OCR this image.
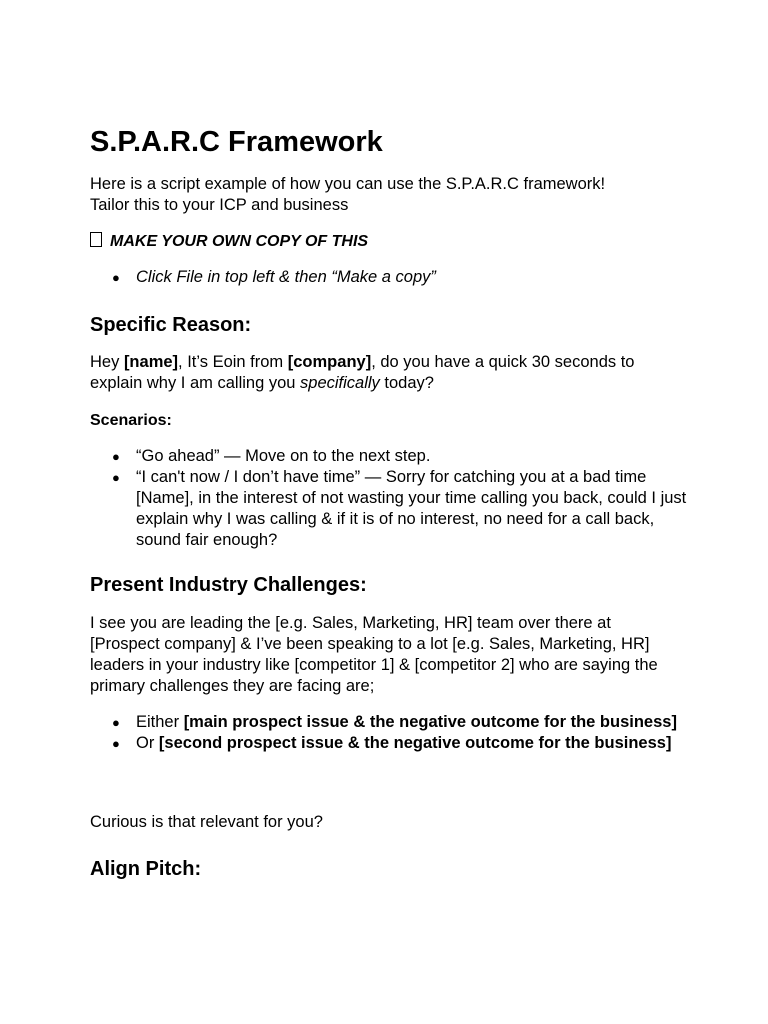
S.P.A.R.C Framework

Here is a script example of how you can use the S.P.A.R.C framework!
Tailor this to your ICP and business

MAKE YOUR OWN COPY OF THIS

● Click File in top left & then “Make a copy”
Specific Reason:

Hey [name], It’s Eoin from [company], do you have a quick 30 seconds to explain why I am calling you specifically today?

Scenarios:

● “Go ahead” — Move on to the next step.
● “I can't now / I don’t have time” — Sorry for catching you at a bad time [Name], in the interest of not wasting your time calling you back, could I just explain why I was calling & if it is of no interest, no need for a call back, sound fair enough?
Present Industry Challenges:

I see you are leading the [e.g. Sales, Marketing, HR] team over there at [Prospect company] & I’ve been speaking to a lot [e.g. Sales, Marketing, HR] leaders in your industry like [competitor 1] & [competitor 2] who are saying the primary challenges they are facing are;

● Either [main prospect issue & the negative outcome for the business]
● Or [second prospect issue & the negative outcome for the business]

Curious is that relevant for you?

Align Pitch:
